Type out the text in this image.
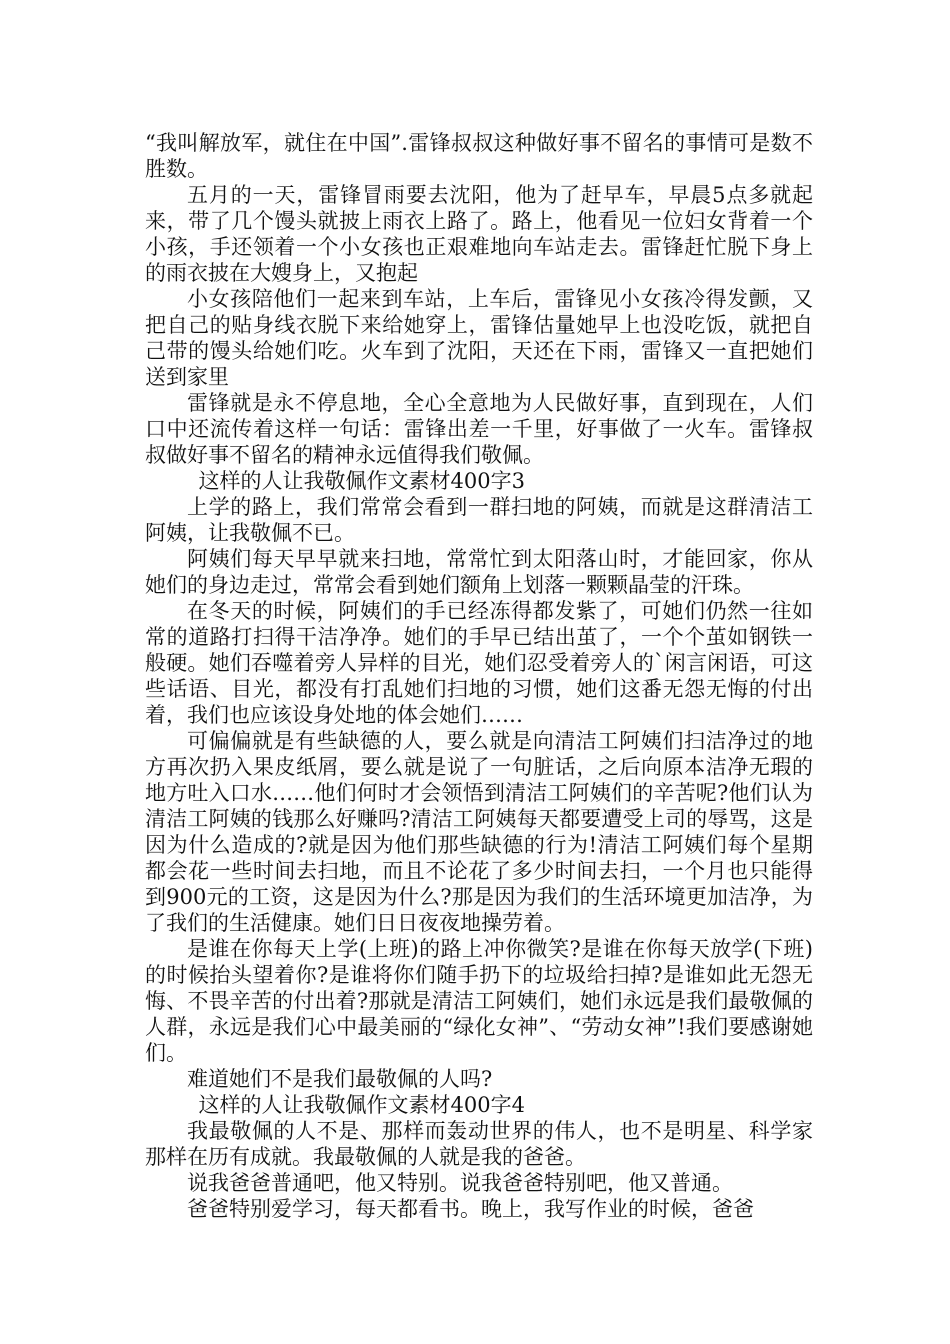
“我叫解放军，就住在中国”.雷锋叔叔这种做好事不留名的事情可是数不胜数。

五月的一天，雷锋冒雨要去沈阳，他为了赶早车，早晨5点多就起来，带了几个馒头就披上雨衣上路了。路上，他看见一位妇女背着一个小孩，手还领着一个小女孩也正艰难地向车站走去。雷锋赶忙脱下身上的雨衣披在大嫂身上，又抱起

小女孩陪他们一起来到车站，上车后，雷锋见小女孩冷得发颤，又把自己的贴身线衣脱下来给她穿上，雷锋估量她早上也没吃饭，就把自己带的馒头给她们吃。火车到了沈阳，天还在下雨，雷锋又一直把她们送到家里

雷锋就是永不停息地，全心全意地为人民做好事，直到现在，人们口中还流传着这样一句话：雷锋出差一千里，好事做了一火车。雷锋叔叔做好事不留名的精神永远值得我们敬佩。

这样的人让我敬佩作文素材400字3

上学的路上，我们常常会看到一群扫地的阿姨，而就是这群清洁工阿姨，让我敬佩不已。

阿姨们每天早早就来扫地，常常忙到太阳落山时，才能回家，你从她们的身边走过，常常会看到她们额角上划落一颗颗晶莹的汗珠。

在冬天的时候，阿姨们的手已经冻得都发紫了，可她们仍然一往如常的道路打扫得干洁净净。她们的手早已结出茧了，一个个茧如钢铁一般硬。她们吞噬着旁人异样的目光，她们忍受着旁人的`闲言闲语，可这些话语、目光，都没有打乱她们扫地的习惯，她们这番无怨无悔的付出着，我们也应该设身处地的体会她们……

可偏偏就是有些缺德的人，要么就是向清洁工阿姨们扫洁净过的地方再次扔入果皮纸屑，要么就是说了一句脏话，之后向原本洁净无瑕的地方吐入口水……他们何时才会领悟到清洁工阿姨们的辛苦呢?他们认为清洁工阿姨的钱那么好赚吗?清洁工阿姨每天都要遭受上司的辱骂，这是因为什么造成的?就是因为他们那些缺德的行为!清洁工阿姨们每个星期都会花一些时间去扫地，而且不论花了多少时间去扫，一个月也只能得到900元的工资，这是因为什么?那是因为我们的生活环境更加洁净，为了我们的生活健康。她们日日夜夜地操劳着。

是谁在你每天上学(上班)的路上冲你微笑?是谁在你每天放学(下班)的时候抬头望着你?是谁将你们随手扔下的垃圾给扫掉?是谁如此无怨无悔、不畏辛苦的付出着?那就是清洁工阿姨们，她们永远是我们最敬佩的人群，永远是我们心中最美丽的“绿化女神”、“劳动女神”!我们要感谢她们。

难道她们不是我们最敬佩的人吗?

这样的人让我敬佩作文素材400字4

我最敬佩的人不是、那样而轰动世界的伟人，也不是明星、科学家那样在历有成就。我最敬佩的人就是我的爸爸。

说我爸爸普通吧，他又特别。说我爸爸特别吧，他又普通。

爸爸特别爱学习，每天都看书。晚上，我写作业的时候，爸爸
